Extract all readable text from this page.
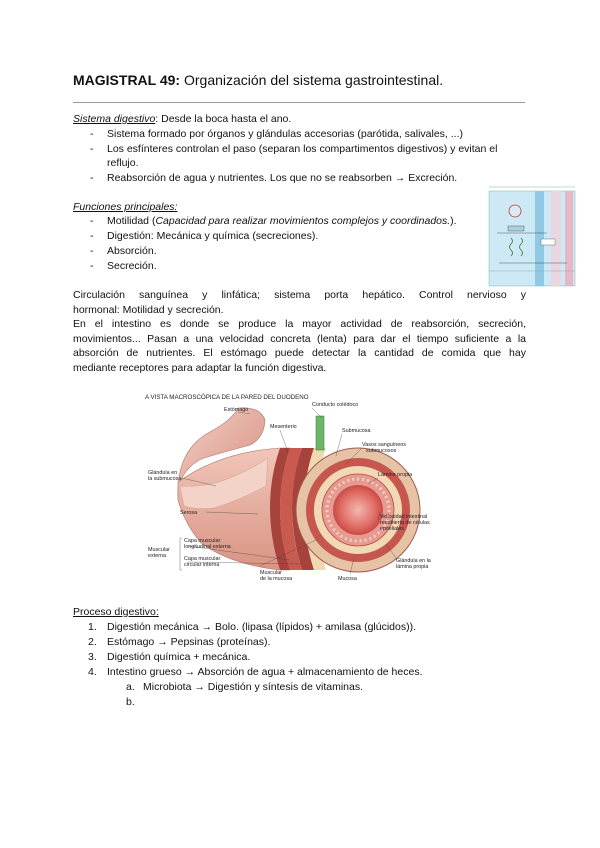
MAGISTRAL 49: Organización del sistema gastrointestinal.
Sistema digestivo: Desde la boca hasta el ano.
- Sistema formado por órganos y glándulas accesorias (parótida, salivales, ...)
- Los esfínteres controlan el paso (separan los compartimentos digestivos) y evitan el
reflujo.
- Reabsorción de agua y nutrientes. Los que no se reabsorben → Excreción.
Funciones principales:
- Motilidad (Capacidad para realizar movimientos complejos y coordinados.).
- Digestión: Mecánica y química (secreciones).
- Absorción.
- Secreción.
Circulación sanguínea y linfática; sistema porta hepático. Control nervioso y
hormonal: Motilidad y secreción.
En el intestino es donde se produce la mayor actividad de reabsorción, secreción,
movimientos... Pasan a una velocidad concreta (lenta) para dar el tiempo suficiente a la
absorción de nutrientes. El estómago puede detectar la cantidad de comida que hay
mediante receptores para adaptar la función digestiva.
A VISTA MACROSCÓPICA DE LA PARED DEL DUODENO
Estómago
Conducto colédoco
Mesenterio
Submucosa
Vasos sanguíneos
submucosos
Glándula en
la submucosa
Lámina propia
Serosa
Vellosidad intestinal
recubierta de células
epiteliales
Capa muscular
longitudinal externa
Muscular
externa	Capa muscular
circular interna
Muscular
de la mucosa	Mucosa
Glándula en la
lámina propia
Proceso digestivo:
1. Digestión mecánica → Bolo. (lipasa (lípidos) + amilasa (glúcidos)).
2. Estómago → Pepsinas (proteínas).
3. Digestión química + mecánica.
4. Intestino grueso → Absorción de agua + almacenamiento de heces.
a. Microbiota → Digestión y síntesis de vitaminas.
b.
